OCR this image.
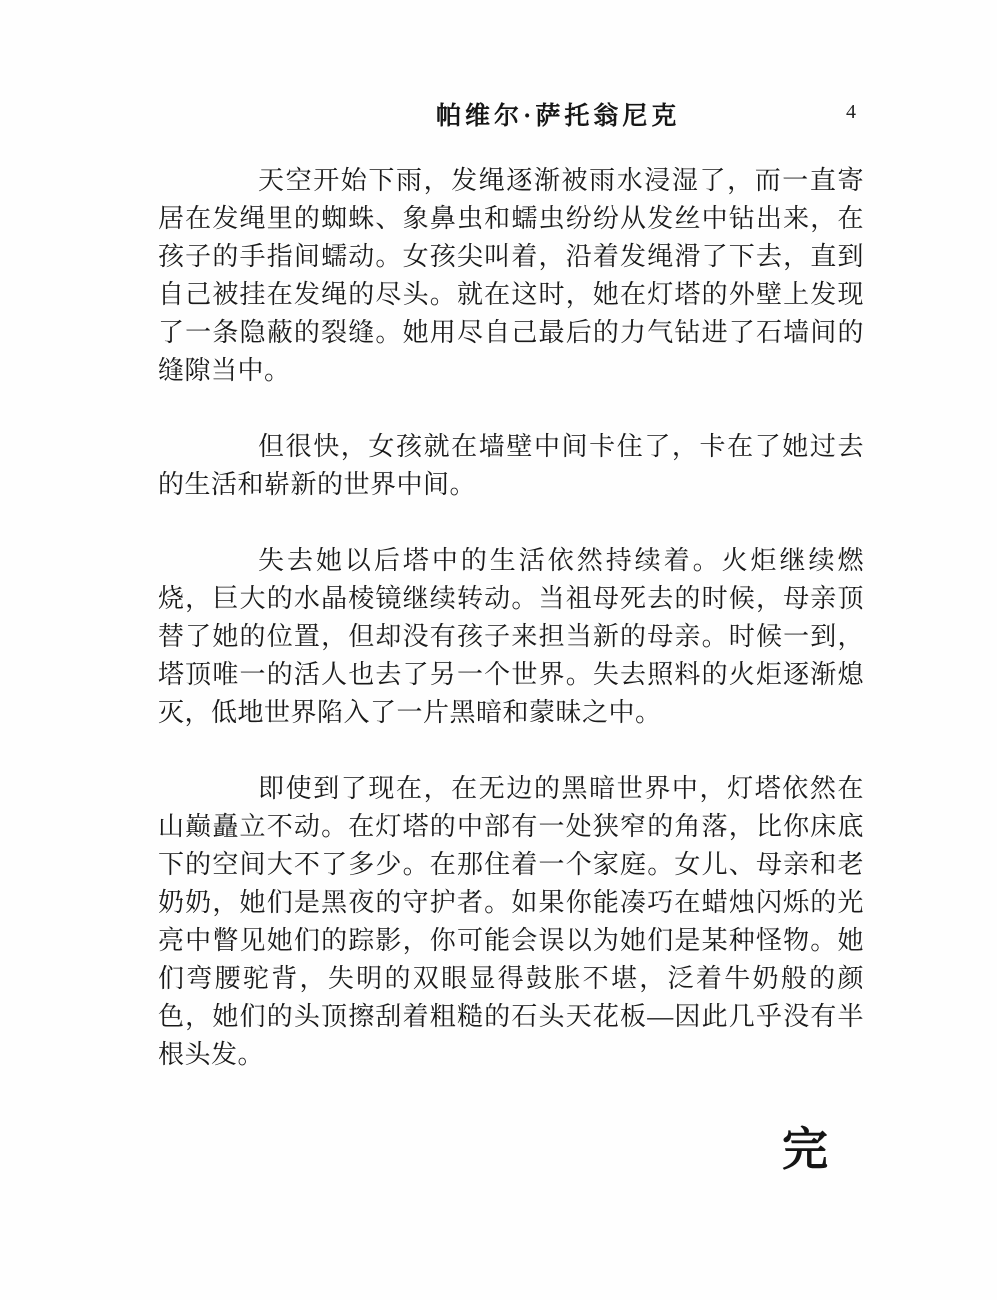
帕维尔·萨托翁尼克	4

天空开始下雨，发绳逐渐被雨水浸湿了，而一直寄居在发绳里的蜘蛛、象鼻虫和蠕虫纷纷从发丝中钻出来，在孩子的手指间蠕动。女孩尖叫着，沿着发绳滑了下去，直到自己被挂在发绳的尽头。就在这时，她在灯塔的外壁上发现了一条隐蔽的裂缝。她用尽自己最后的力气钻进了石墙间的缝隙当中。

但很快，女孩就在墙壁中间卡住了，卡在了她过去的生活和崭新的世界中间。

失去她以后塔中的生活依然持续着。火炬继续燃烧，巨大的水晶棱镜继续转动。当祖母死去的时候，母亲顶替了她的位置，但却没有孩子来担当新的母亲。时候一到，塔顶唯一的活人也去了另一个世界。失去照料的火炬逐渐熄灭，低地世界陷入了一片黑暗和蒙昧之中。

即使到了现在，在无边的黑暗世界中，灯塔依然在山巅矗立不动。在灯塔的中部有一处狭窄的角落，比你床底下的空间大不了多少。在那住着一个家庭。女儿、母亲和老奶奶，她们是黑夜的守护者。如果你能凑巧在蜡烛闪烁的光亮中瞥见她们的踪影，你可能会误以为她们是某种怪物。她们弯腰驼背，失明的双眼显得鼓胀不堪，泛着牛奶般的颜色，她们的头顶擦刮着粗糙的石头天花板—因此几乎没有半根头发。

完
